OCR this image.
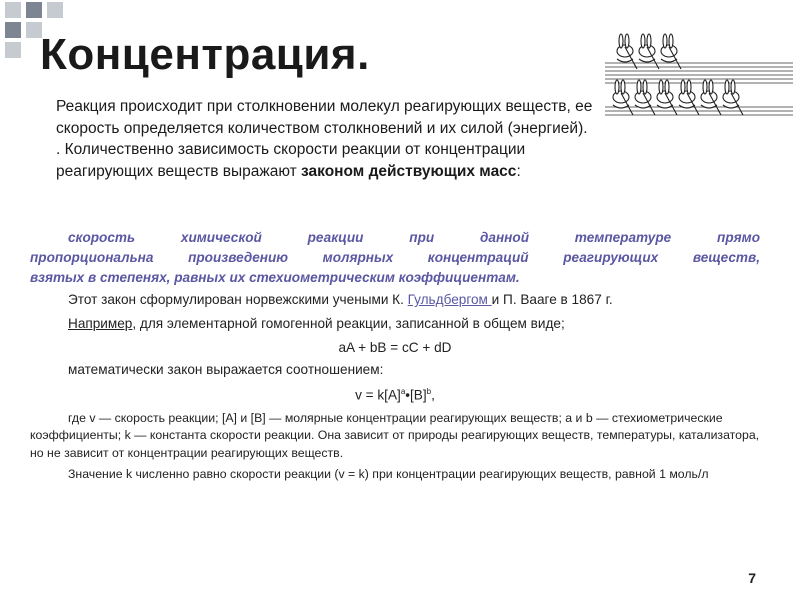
Концентрация.

Реакция происходит при столкновении молекул реагирующих веществ, ее скорость определяется количеством столкновений и их силой (энергией).

. Количественно зависимость скорости реакции от концентрации реагирующих веществ выражают законом действующих масс:

скорость химической реакции при данной температуре прямо

пропорциональна произведению молярных концентраций реагирующих веществ,

взятых в степенях, равных их стехиометрическим коэффициентам.

Этот закон сформулирован норвежскими учеными К. Гульдбергом и П. Вааге в 1867 г.

Например, для элементарной гомогенной реакции, записанной в общем виде;

aA + bB = cC + dD

математически закон выражается соотношением:

$v = k[A]^a•[B]^b$,

где v — скорость реакции; [A] и [B] — молярные концентрации реагирующих веществ; a и b — стехиометрические коэффициенты; k — константа скорости реакции. Она зависит от природы реагирующих веществ, температуры, катализатора, но не зависит от концентрации реагирующих веществ.

Значение k численно равно скорости реакции (v = k) при концентрации реагирующих веществ, равной 1 моль/л

7
